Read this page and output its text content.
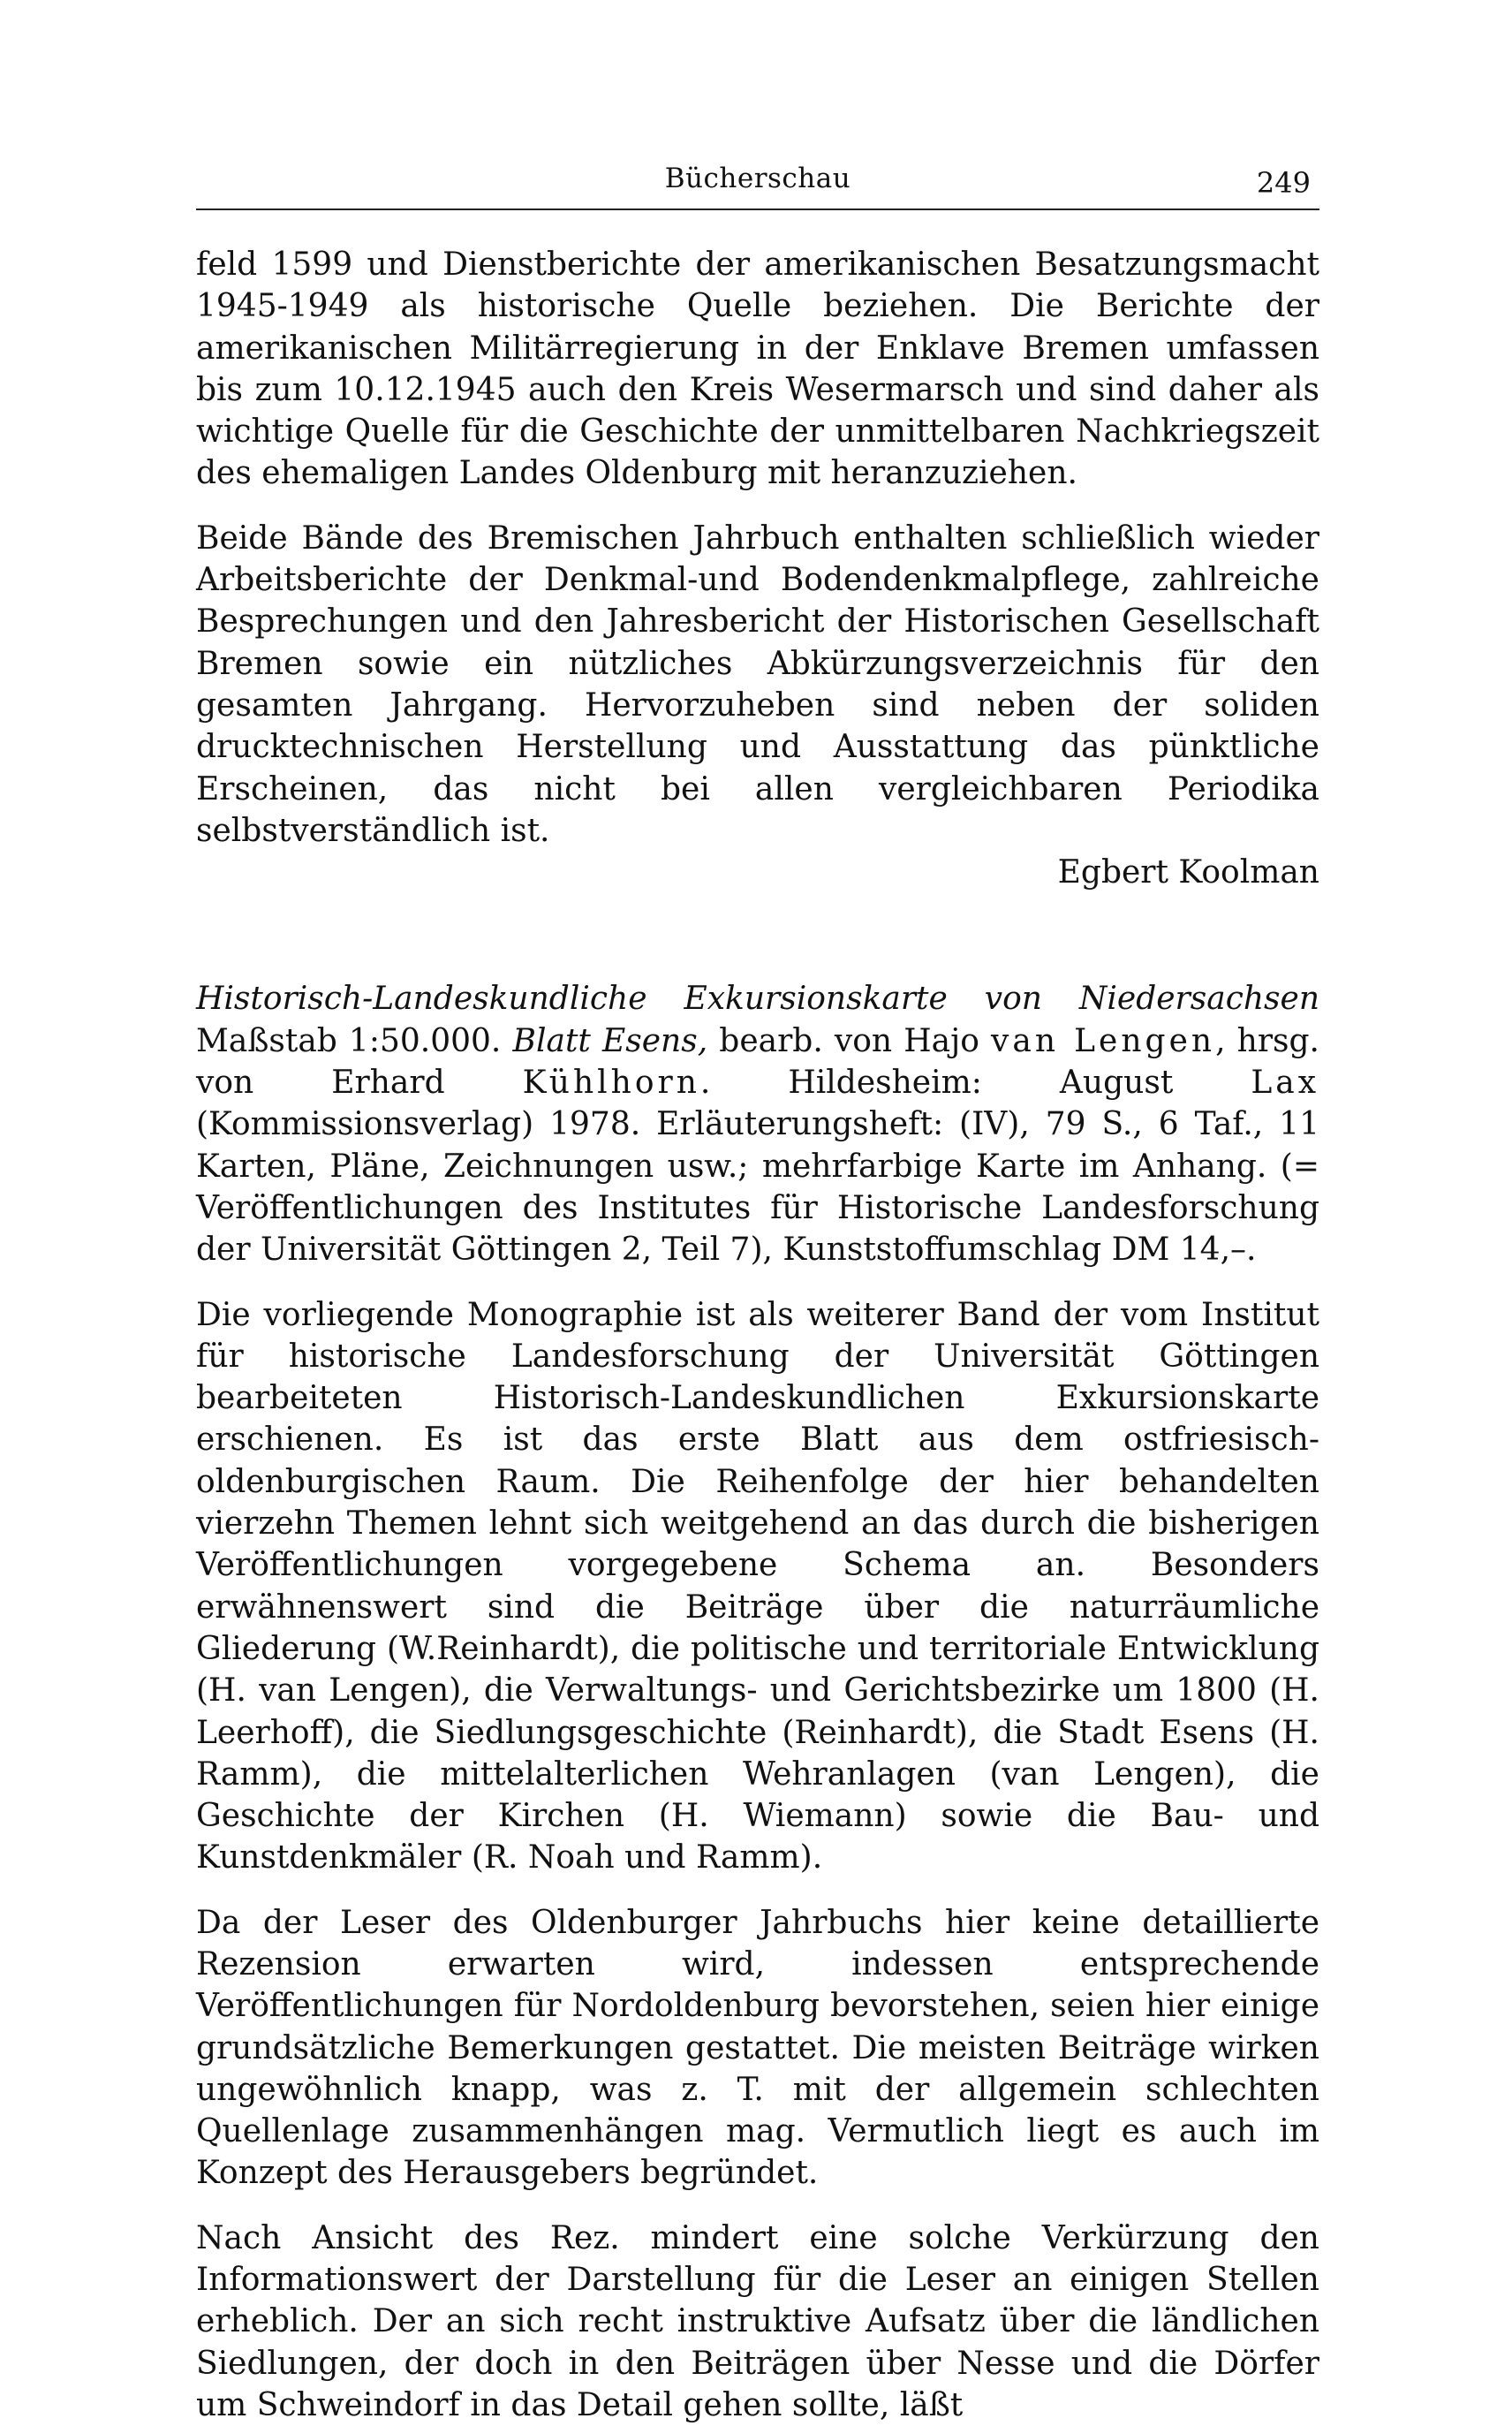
Bücherschau	249

feld 1599 und Dienstberichte der amerikanischen Besatzungsmacht 1945-1949 als historische Quelle beziehen. Die Berichte der amerikanischen Militärregierung in der Enklave Bremen umfassen bis zum 10.12.1945 auch den Kreis Wesermarsch und sind daher als wichtige Quelle für die Geschichte der unmittelbaren Nachkriegszeit des ehemaligen Landes Oldenburg mit heranzuziehen.

Beide Bände des Bremischen Jahrbuch enthalten schließlich wieder Arbeitsberichte der Denkmal-und Bodendenkmalpflege, zahlreiche Besprechungen und den Jahresbericht der Historischen Gesellschaft Bremen sowie ein nützliches Abkürzungsverzeichnis für den gesamten Jahrgang. Hervorzuheben sind neben der soliden drucktechnischen Herstellung und Ausstattung das pünktliche Erscheinen, das nicht bei allen vergleichbaren Periodika selbstverständlich ist.

Egbert Koolman

Historisch-Landeskundliche Exkursionskarte von Niedersachsen Maßstab 1:50.000. Blatt Esens, bearb. von Hajo van Lengen, hrsg. von Erhard Kühlhorn. Hildesheim: August Lax (Kommissionsverlag) 1978. Erläuterungsheft: (IV), 79 S., 6 Taf., 11 Karten, Pläne, Zeichnungen usw.; mehrfarbige Karte im Anhang. (= Veröffentlichungen des Institutes für Historische Landesforschung der Universität Göttingen 2, Teil 7), Kunststoffumschlag DM 14,–.

Die vorliegende Monographie ist als weiterer Band der vom Institut für historische Landesforschung der Universität Göttingen bearbeiteten Historisch-Landeskundlichen Exkursionskarte erschienen. Es ist das erste Blatt aus dem ostfriesisch-oldenburgischen Raum. Die Reihenfolge der hier behandelten vierzehn Themen lehnt sich weitgehend an das durch die bisherigen Veröffentlichungen vorgegebene Schema an. Besonders erwähnenswert sind die Beiträge über die naturräumliche Gliederung (W.Reinhardt), die politische und territoriale Entwicklung (H. van Lengen), die Verwaltungs- und Gerichtsbezirke um 1800 (H. Leerhoff), die Siedlungsgeschichte (Reinhardt), die Stadt Esens (H. Ramm), die mittelalterlichen Wehranlagen (van Lengen), die Geschichte der Kirchen (H. Wiemann) sowie die Bau- und Kunstdenkmäler (R. Noah und Ramm).

Da der Leser des Oldenburger Jahrbuchs hier keine detaillierte Rezension erwarten wird, indessen entsprechende Veröffentlichungen für Nordoldenburg bevorstehen, seien hier einige grundsätzliche Bemerkungen gestattet. Die meisten Beiträge wirken ungewöhnlich knapp, was z. T. mit der allgemein schlechten Quellenlage zusammenhängen mag. Vermutlich liegt es auch im Konzept des Herausgebers begründet.

Nach Ansicht des Rez. mindert eine solche Verkürzung den Informationswert der Darstellung für die Leser an einigen Stellen erheblich. Der an sich recht instruktive Aufsatz über die ländlichen Siedlungen, der doch in den Beiträgen über Nesse und die Dörfer um Schweindorf in das Detail gehen sollte, läßt
